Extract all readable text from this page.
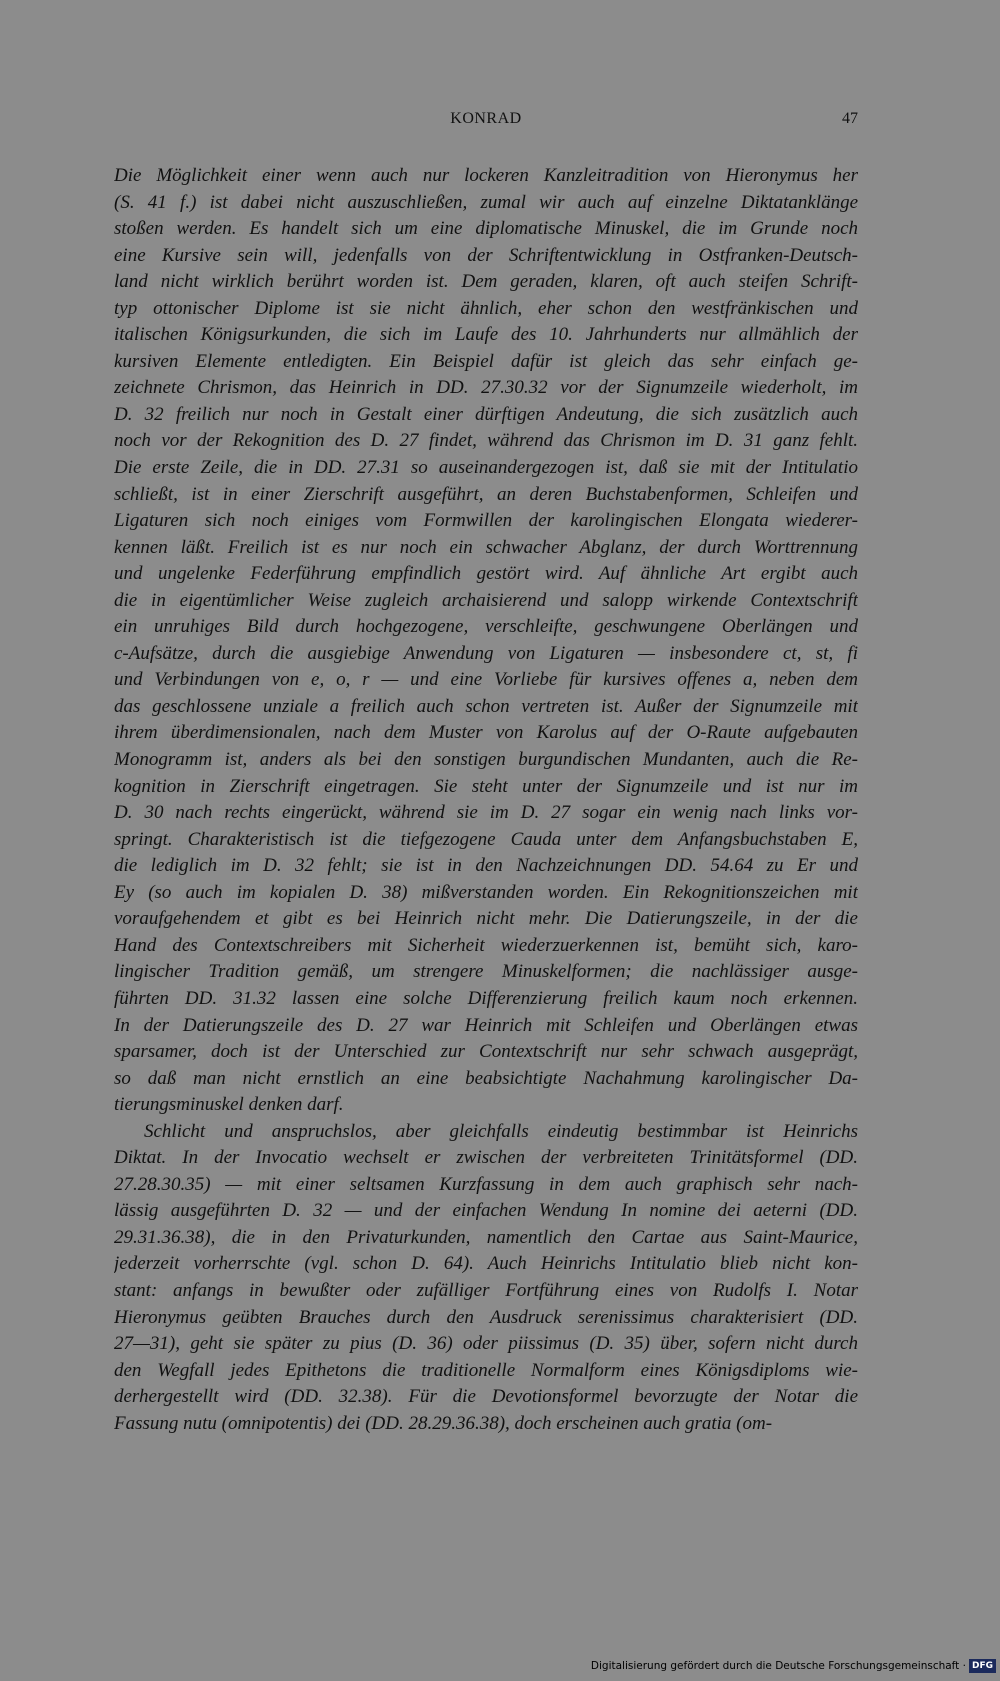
KONRAD	47
Die Möglichkeit einer wenn auch nur lockeren Kanzleitradition von Hieronymus her
(S. 41 f.) ist dabei nicht auszuschließen, zumal wir auch auf einzelne Diktatanklänge
stoßen werden. Es handelt sich um eine diplomatische Minuskel, die im Grunde noch
eine Kursive sein will, jedenfalls von der Schriftentwicklung in Ostfranken-Deutsch-
land nicht wirklich berührt worden ist. Dem geraden, klaren, oft auch steifen Schrift-
typ ottonischer Diplome ist sie nicht ähnlich, eher schon den westfränkischen und
italischen Königsurkunden, die sich im Laufe des 10. Jahrhunderts nur allmählich der
kursiven Elemente entledigten. Ein Beispiel dafür ist gleich das sehr einfach ge-
zeichnete Chrismon, das Heinrich in DD. 27.30.32 vor der Signumzeile wiederholt, im
D. 32 freilich nur noch in Gestalt einer dürftigen Andeutung, die sich zusätzlich auch
noch vor der Rekognition des D. 27 findet, während das Chrismon im D. 31 ganz fehlt.
Die erste Zeile, die in DD. 27.31 so auseinandergezogen ist, daß sie mit der Intitulatio
schließt, ist in einer Zierschrift ausgeführt, an deren Buchstabenformen, Schleifen und
Ligaturen sich noch einiges vom Formwillen der karolingischen Elongata wiederer-
kennen läßt. Freilich ist es nur noch ein schwacher Abglanz, der durch Worttrennung
und ungelenke Federführung empfindlich gestört wird. Auf ähnliche Art ergibt auch
die in eigentümlicher Weise zugleich archaisierend und salopp wirkende Contextschrift
ein unruhiges Bild durch hochgezogene, verschleifte, geschwungene Oberlängen und
c-Aufsätze, durch die ausgiebige Anwendung von Ligaturen — insbesondere ct, st, fi
und Verbindungen von e, o, r — und eine Vorliebe für kursives offenes a, neben dem
das geschlossene unziale a freilich auch schon vertreten ist. Außer der Signumzeile mit
ihrem überdimensionalen, nach dem Muster von Karolus auf der O-Raute aufgebauten
Monogramm ist, anders als bei den sonstigen burgundischen Mundanten, auch die Re-
kognition in Zierschrift eingetragen. Sie steht unter der Signumzeile und ist nur im
D. 30 nach rechts eingerückt, während sie im D. 27 sogar ein wenig nach links vor-
springt. Charakteristisch ist die tiefgezogene Cauda unter dem Anfangsbuchstaben E,
die lediglich im D. 32 fehlt; sie ist in den Nachzeichnungen DD. 54.64 zu Er und
Ey (so auch im kopialen D. 38) mißverstanden worden. Ein Rekognitionszeichen mit
voraufgehendem et gibt es bei Heinrich nicht mehr. Die Datierungszeile, in der die
Hand des Contextschreibers mit Sicherheit wiederzuerkennen ist, bemüht sich, karo-
lingischer Tradition gemäß, um strengere Minuskelformen; die nachlässiger ausge-
führten DD. 31.32 lassen eine solche Differenzierung freilich kaum noch erkennen.
In der Datierungszeile des D. 27 war Heinrich mit Schleifen und Oberlängen etwas
sparsamer, doch ist der Unterschied zur Contextschrift nur sehr schwach ausgeprägt,
so daß man nicht ernstlich an eine beabsichtigte Nachahmung karolingischer Da-
tierungsminuskel denken darf.
Schlicht und anspruchslos, aber gleichfalls eindeutig bestimmbar ist Heinrichs
Diktat. In der Invocatio wechselt er zwischen der verbreiteten Trinitätsformel (DD.
27.28.30.35) — mit einer seltsamen Kurzfassung in dem auch graphisch sehr nach-
lässig ausgeführten D. 32 — und der einfachen Wendung In nomine dei aeterni (DD.
29.31.36.38), die in den Privaturkunden, namentlich den Cartae aus Saint-Maurice,
jederzeit vorherrschte (vgl. schon D. 64). Auch Heinrichs Intitulatio blieb nicht kon-
stant: anfangs in bewußter oder zufälliger Fortführung eines von Rudolfs I. Notar
Hieronymus geübten Brauches durch den Ausdruck serenissimus charakterisiert (DD.
27—31), geht sie später zu pius (D. 36) oder piissimus (D. 35) über, sofern nicht durch
den Wegfall jedes Epithetons die traditionelle Normalform eines Königsdiploms wie-
derhergestellt wird (DD. 32.38). Für die Devotionsformel bevorzugte der Notar die
Fassung nutu (omnipotentis) dei (DD. 28.29.36.38), doch erscheinen auch gratia (om-
Digitalisierung gefördert durch die Deutsche Forschungsgemeinschaft · DFG
